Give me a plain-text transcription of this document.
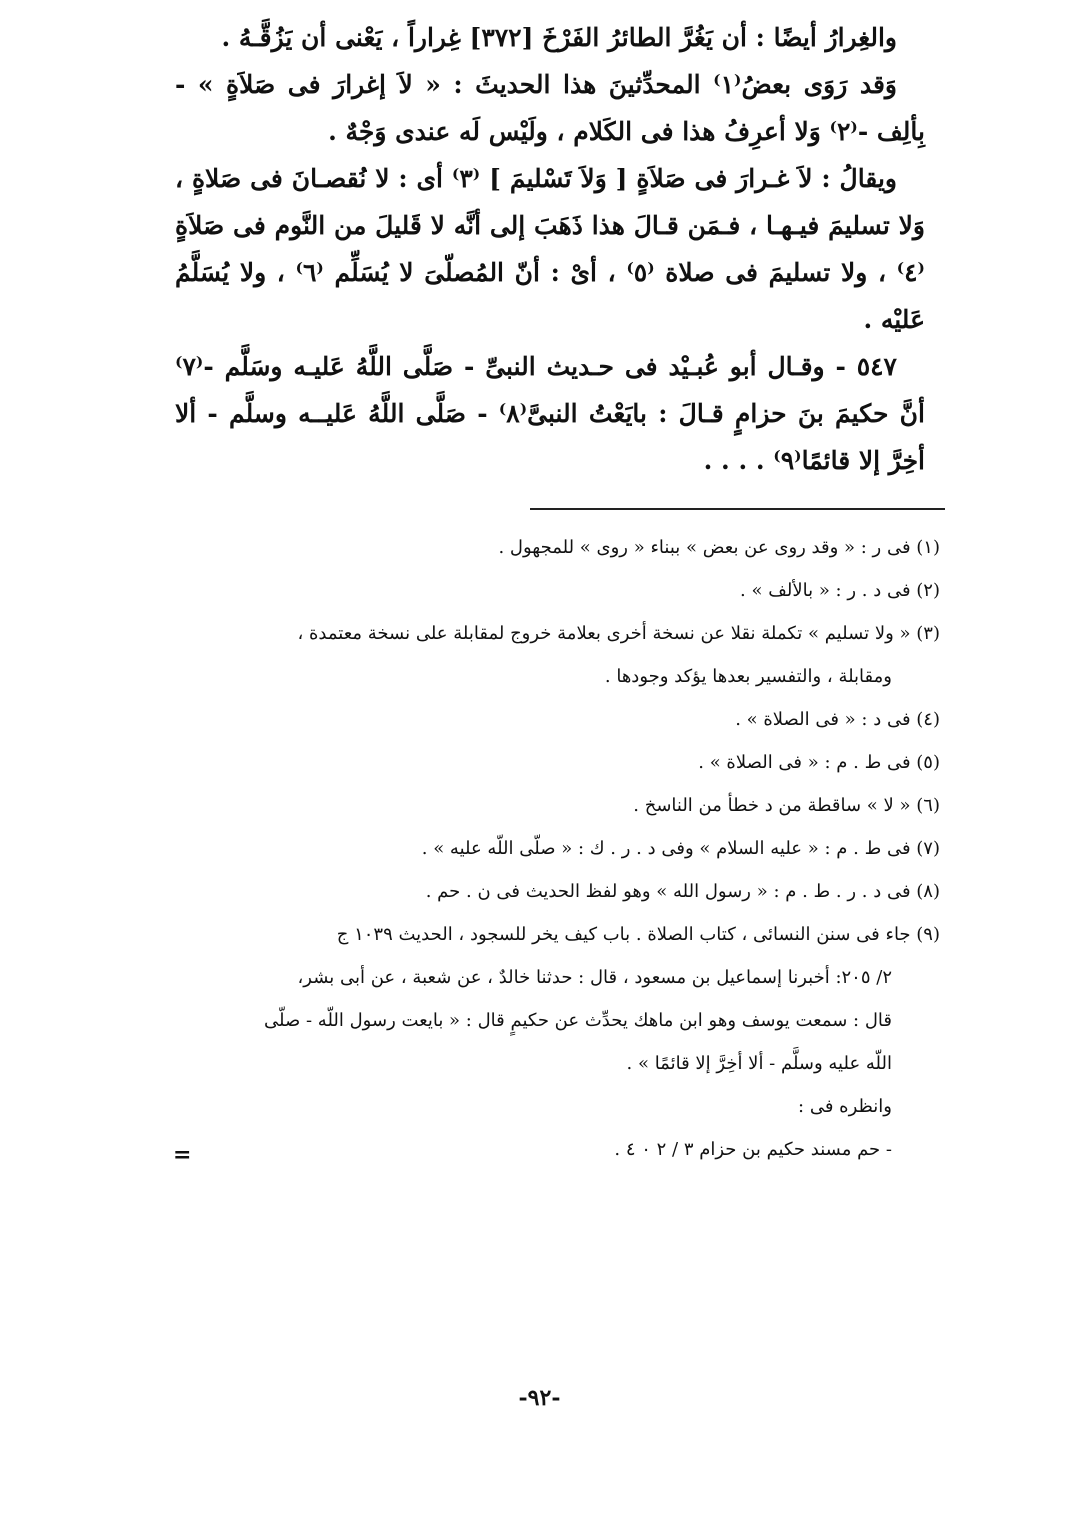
والغِرارُ أيضًا : أن يَغُرَّ الطائرُ الفَرْخَ [٣٧٢] غِراراً ، يَعْنى أن يَزُقَّـهُ .

وَقد رَوَى بعضُ⁽١⁾ المحدِّثينَ هذا الحديثَ : « لاَ إغرارَ فى صَلاَةٍ » - بِألِف -⁽٢⁾ وَلا أعرِفُ هذا فى الكَلام ، ولَيْس لَه عندى وَجْهٌ .

ويقالُ : لاَ غـرارَ فى صَلاَةٍ [ وَلاَ تَسْليمَ ] ⁽٣⁾ أى : لا نُقصـانَ فى صَلاةٍ ، وَلا تسليمَ فيـهـا ، فـمَن قـالَ هذا ذَهَبَ إلى أنَّه لا قَليلَ من النَّوم فى صَلاَةٍ ⁽٤⁾ ، ولا تسليمَ فى صلاة ⁽٥⁾ ، أىْ : أنّ المُصلّىَ لا يُسَلِّم ⁽٦⁾ ، ولا يُسَلَّمُ عَليْه .

٥٤٧ - وقـال أبو عُبـيْد فى حـديث النبىِّ - صَلَّى اللَّهُ عَليـه وسَلَّم -⁽٧⁾ أنَّ حكيمَ بنَ حزامٍ قـالَ : بايَعْتُ النبىَّ⁽٨⁾ - صَلَّى اللَّهُ عَليــه وسلَّم - ألا أخِرَّ إلا قائمًا⁽٩⁾ . . . .

(١) فى ر : « وقد روى عن بعض » ببناء « روى » للمجهول .

(٢) فى د . ر : « بالألف » .

(٣) « ولا تسليم » تكملة نقلا عن نسخة أخرى بعلامة خروج لمقابلة على نسخة معتمدة ،

ومقابلة ، والتفسير بعدها يؤكد وجودها .

(٤) فى د : « فى الصلاة » .

(٥) فى ط . م : « فى الصلاة » .

(٦) « لا » ساقطة من د خطأ من الناسخ .

(٧) فى ط . م : « عليه السلام » وفى د . ر . ك : « صلّى اللّه عليه » .

(٨) فى د . ر . ط . م : « رسول الله » وهو لفظ الحديث فى ن . حم .

(٩) جاء فى سنن النسائى ، كتاب الصلاة . باب كيف يخر للسجود ، الحديث ١٠٣٩ ج

٢/ ٢٠٥: أخبرنا إسماعيل بن مسعود ، قال : حدثنا خالدٌ ، عن شعبة ، عن أبى بشر،

قال : سمعت يوسف وهو ابن ماهك يحدِّث عن حكيمٍ قال : « بايعت رسول اللّه - صلّى

اللّه عليه وسلَّم - ألا أخِرَّ إلا قائمًا » .

وانظره فى :

- حم مسند حكيم بن حزام ٣ / ٢ ٠ ٤ .

=
-٩٢-
